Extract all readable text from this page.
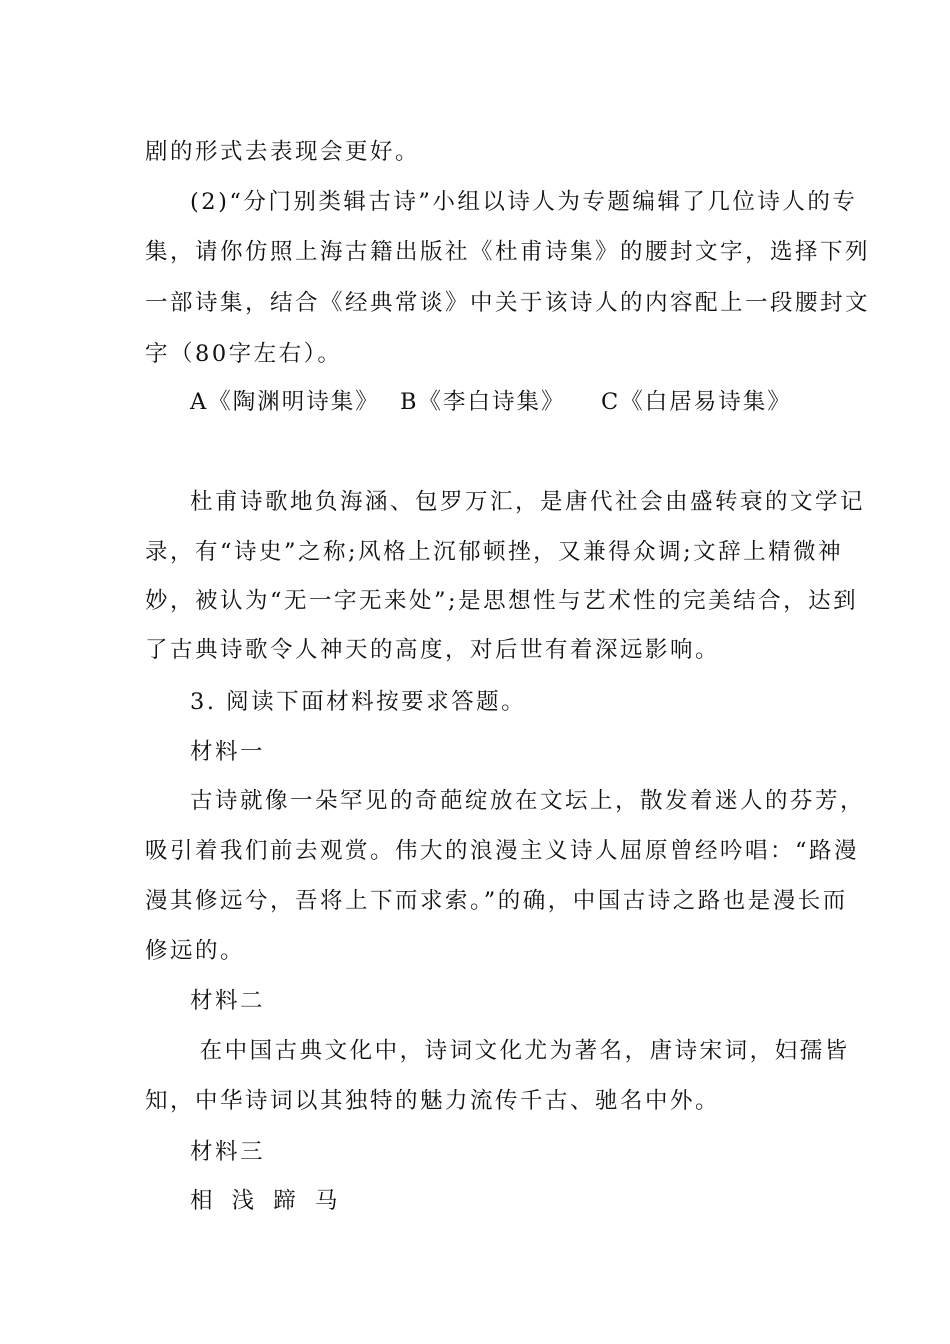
剧的形式去表现会更好。
(2)“分门别类辑古诗”小组以诗人为专题编辑了几位诗人的专
集，请你仿照上海古籍出版社《杜甫诗集》的腰封文字，选择下列
一部诗集，结合《经典常谈》中关于该诗人的内容配上一段腰封文
字（80字左右）。
A《陶渊明诗集》 B《李白诗集》 C《白居易诗集》
杜甫诗歌地负海涵、包罗万汇，是唐代社会由盛转衰的文学记
录，有“诗史”之称;风格上沉郁顿挫，又兼得众调;文辞上精微神
妙，被认为“无一字无来处”;是思想性与艺术性的完美结合，达到
了古典诗歌令人神天的高度，对后世有着深远影响。
3. 阅读下面材料按要求答题。
材料一
古诗就像一朵罕见的奇葩绽放在文坛上，散发着迷人的芬芳，
吸引着我们前去观赏。伟大的浪漫主义诗人屈原曾经吟唱：“路漫
漫其修远兮，吾将上下而求索。”的确，中国古诗之路也是漫长而
修远的。
材料二
在中国古典文化中，诗词文化尤为著名，唐诗宋词，妇孺皆
知，中华诗词以其独特的魅力流传千古、驰名中外。
材料三
相 浅 蹄 马
